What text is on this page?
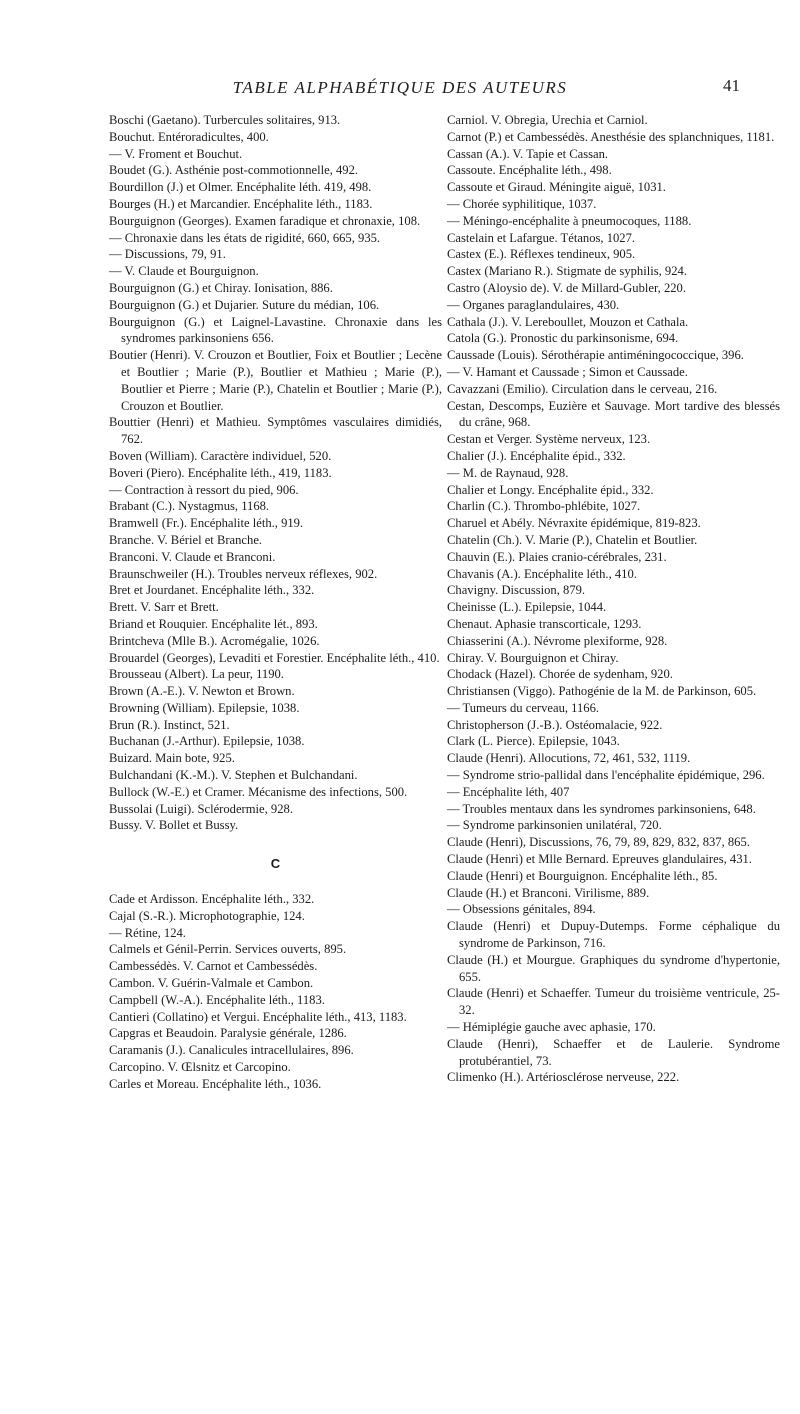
TABLE ALPHABÉTIQUE DES AUTEURS	41

Boschi (Gaetano). Turbercules solitaires, 913.

Bouchut. Entéroradicultes, 400.

— V. Froment et Bouchut.

Boudet (G.). Asthénie post-commotionnelle, 492.

Bourdillon (J.) et Olmer. Encéphalite léth. 419, 498.

Bourges (H.) et Marcandier. Encéphalite léth., 1183.

Bourguignon (Georges). Examen faradique et chronaxie, 108.

— Chronaxie dans les états de rigidité, 660, 665, 935.

— Discussions, 79, 91.

— V. Claude et Bourguignon.

Bourguignon (G.) et Chiray. Ionisation, 886.

Bourguignon (G.) et Dujarier. Suture du médian, 106.

Bourguignon (G.) et Laignel-Lavastine. Chronaxie dans les syndromes parkinsoniens 656.

Boutier (Henri). V. Crouzon et Boutlier, Foix et Boutlier ; Lecène et Boutlier ; Marie (P.), Boutlier et Mathieu ; Marie (P.), Boutlier et Pierre ; Marie (P.), Chatelin et Boutlier ; Marie (P.), Crouzon et Boutlier.

Bouttier (Henri) et Mathieu. Symptômes vasculaires dimidiés, 762.

Boven (William). Caractère individuel, 520.

Boveri (Piero). Encéphalite léth., 419, 1183.

— Contraction à ressort du pied, 906.

Brabant (C.). Nystagmus, 1168.

Bramwell (Fr.). Encéphalite léth., 919.

Branche. V. Bériel et Branche.

Branconi. V. Claude et Branconi.

Braunschweiler (H.). Troubles nerveux réflexes, 902.

Bret et Jourdanet. Encéphalite léth., 332.

Brett. V. Sarr et Brett.

Briand et Rouquier. Encéphalite lét., 893.

Brintcheva (Mlle B.). Acromégalie, 1026.

Brouardel (Georges), Levaditi et Forestier. Encéphalite léth., 410.

Brousseau (Albert). La peur, 1190.

Brown (A.-E.). V. Newton et Brown.

Browning (William). Epilepsie, 1038.

Brun (R.). Instinct, 521.

Buchanan (J.-Arthur). Epilepsie, 1038.

Buizard. Main bote, 925.

Bulchandani (K.-M.). V. Stephen et Bulchandani.

Bullock (W.-E.) et Cramer. Mécanisme des infections, 500.

Bussolai (Luigi). Sclérodermie, 928.

Bussy. V. Bollet et Bussy.

C

Cade et Ardisson. Encéphalite léth., 332.

Cajal (S.-R.). Microphotographie, 124.

— Rétine, 124.

Calmels et Génil-Perrin. Services ouverts, 895.

Cambessédès. V. Carnot et Cambessédès.

Cambon. V. Guérin-Valmale et Cambon.

Campbell (W.-A.). Encéphalite léth., 1183.

Cantieri (Collatino) et Vergui. Encéphalite léth., 413, 1183.

Capgras et Beaudoin. Paralysie générale, 1286.

Caramanis (J.). Canalicules intracellulaires, 896.

Carcopino. V. Œlsnitz et Carcopino.

Carles et Moreau. Encéphalite léth., 1036.

Carniol. V. Obregia, Urechia et Carniol.

Carnot (P.) et Cambessédès. Anesthésie des splanchniques, 1181.

Cassan (A.). V. Tapie et Cassan.

Cassoute. Encéphalite léth., 498.

Cassoute et Giraud. Méningite aiguë, 1031.

— Chorée syphilitique, 1037.

— Méningo-encéphalite à pneumocoques, 1188.

Castelain et Lafargue. Tétanos, 1027.

Castex (E.). Réflexes tendineux, 905.

Castex (Mariano R.). Stigmate de syphilis, 924.

Castro (Aloysio de). V. de Millard-Gubler, 220.

— Organes paraglandulaires, 430.

Cathala (J.). V. Lereboullet, Mouzon et Cathala.

Catola (G.). Pronostic du parkinsonisme, 694.

Caussade (Louis). Sérothérapie antiméningococcique, 396.

— V. Hamant et Caussade ; Simon et Caussade.

Cavazzani (Emilio). Circulation dans le cerveau, 216.

Cestan, Descomps, Euzière et Sauvage. Mort tardive des blessés du crâne, 968.

Cestan et Verger. Système nerveux, 123.

Chalier (J.). Encéphalite épid., 332.

— M. de Raynaud, 928.

Chalier et Longy. Encéphalite épid., 332.

Charlin (C.). Thrombo-phlébite, 1027.

Charuel et Abély. Névraxite épidémique, 819-823.

Chatelin (Ch.). V. Marie (P.), Chatelin et Boutlier.

Chauvin (E.). Plaies cranio-cérébrales, 231.

Chavanis (A.). Encéphalite léth., 410.

Chavigny. Discussion, 879.

Cheinisse (L.). Epilepsie, 1044.

Chenaut. Aphasie transcorticale, 1293.

Chiasserini (A.). Névrome plexiforme, 928.

Chiray. V. Bourguignon et Chiray.

Chodack (Hazel). Chorée de sydenham, 920.

Christiansen (Viggo). Pathogénie de la M. de Parkinson, 605.

— Tumeurs du cerveau, 1166.

Christopherson (J.-B.). Ostéomalacie, 922.

Clark (L. Pierce). Epilepsie, 1043.

Claude (Henri). Allocutions, 72, 461, 532, 1119.

— Syndrome strio-pallidal dans l'encéphalite épidémique, 296.

— Encéphalite léth, 407

— Troubles mentaux dans les syndromes parkinsoniens, 648.

— Syndrome parkinsonien unilatéral, 720.

Claude (Henri), Discussions, 76, 79, 89, 829, 832, 837, 865.

Claude (Henri) et Mlle Bernard. Epreuves glandulaires, 431.

Claude (Henri) et Bourguignon. Encéphalite léth., 85.

Claude (H.) et Branconi. Virilisme, 889.

— Obsessions génitales, 894.

Claude (Henri) et Dupuy-Dutemps. Forme céphalique du syndrome de Parkinson, 716.

Claude (H.) et Mourgue. Graphiques du syndrome d'hypertonie, 655.

Claude (Henri) et Schaeffer. Tumeur du troisième ventricule, 25-32.

— Hémiplégie gauche avec aphasie, 170.

Claude (Henri), Schaeffer et de Laulerie. Syndrome protubérantiel, 73.

Climenko (H.). Artériosclérose nerveuse, 222.
